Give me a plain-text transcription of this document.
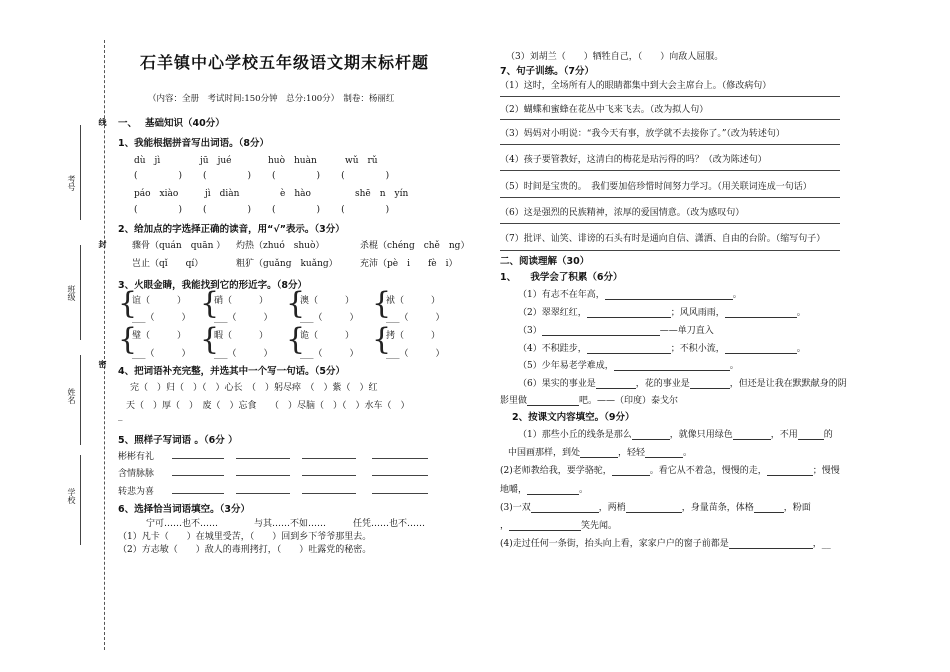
考号
封
班级
密
姓名
线
学校
石羊镇中心学校五年级语文期末标杆题
（内容：全册　考试时间:150分钟　总分:100分）　制卷：杨丽红
一、　 基础知识（40分）
1、我能根据拼音写出词语。（8分）
dù　jì	jū　jué	huò　huàn	wǔ　rǔ
(　　　　)　　(　　　　)　　(　　　　)　　(　　　　)
páo　xiào	jì　diàn	è　hào	shē　n　yín
(　　　　)　　(　　　　)　　(　　　　)　　(　　　　)
2、给加点的字选择正确的读音，用“√”表示。（3分）
骤骨（quán　quān ） 灼热（zhuó　shuò）	杀棍（chéng　chě　ng）
岂止（qǐ　　qí）	粗犷（guǎng　kuǎng） 充沛（pè　i　　fè　i）
3、火眼金睛，我能找到它的形近字。（8分）
{ { { {
谊（　　　）	硝（　　　）	澳（　　　）	袱（　　　）
___（　　　）	___（　　　）	___（　　　）	___（　　　）
{ { { {
璧（　　　）	暇（　　　）	诡（　　　）	拷（　　　）
___（　　　）	___（　　　）	___（　　　）	___（　　　）
4、把词语补充完整，并选其中一个写一句话。（5分）
完（　）归（　）（　）心长　（　）躬尽瘁　（　）紫（　）红
天（　）厚（　）　废（　）忘食　　（　）尽脑（　）（　）水车（　）
_
5、照样子写词语 。（6分 ）
彬彬有礼
含情脉脉
转悲为喜
6、选择恰当词语填空。（3分）
宁可……也不……　　　　与其……不如……　　　任凭……也不……
（1）凡卡（　　）在城里受苦，（　　）回到乡下爷爷那里去。
（2）方志敏（　　）敌人的毒刑拷打，（　　）吐露党的秘密。
（3）刘胡兰（　　）牺牲自己，（　　）向敌人屈服。
7、句子训练。（7分）
（1）这时，全场所有人的眼睛都集中到大会主席台上。（修改病句）
（2）蝴蝶和蜜蜂在花丛中飞来飞去。（改为拟人句）
（3）妈妈对小明说：“我今天有事，放学就不去接你了。”（改为转述句）
（4）孩子要管教好，这清白的梅花是玷污得的吗？（改为陈述句）
（5）时间是宝贵的。　我们要加倍珍惜时间努力学习。（用关联词连成一句话）
（6）这是强烈的民族精神，浓厚的爱国情意。（改为感叹句）
（7）批评、讪笑、诽谤的石头有时是通向自信、潇洒、自由的台阶。（缩写句子）
二、阅读理解（30）
1、　　我学会了积累（6分）
（1）有志不在年高，	。
（2）翠翠红红，	；风风雨雨，	。
（3）	——单刀直入
（4）不积跬步，	；不积小流，	。
（5）少年易老学难成，	。
（6）果实的事业是	，花的事业是	，但还是让我在默默献身的阴
影里做	吧。——（印度）泰戈尔
2、按课文内容填空。（9分）
（1）那些小丘的线条是那么	，就像只用绿色	，不用	的
中国画那样，到处	，轻轻	。
(2)老师教给我，要学骆驼，	。看它从不着急，慢慢的走，	；慢慢
地嚼，	。
(3)一双	，两梢	，身量苗条，体格	，粉面
，	笑先闻。
(4)走过任何一条街，抬头向上看，家家户户的窗子前都是	，__
